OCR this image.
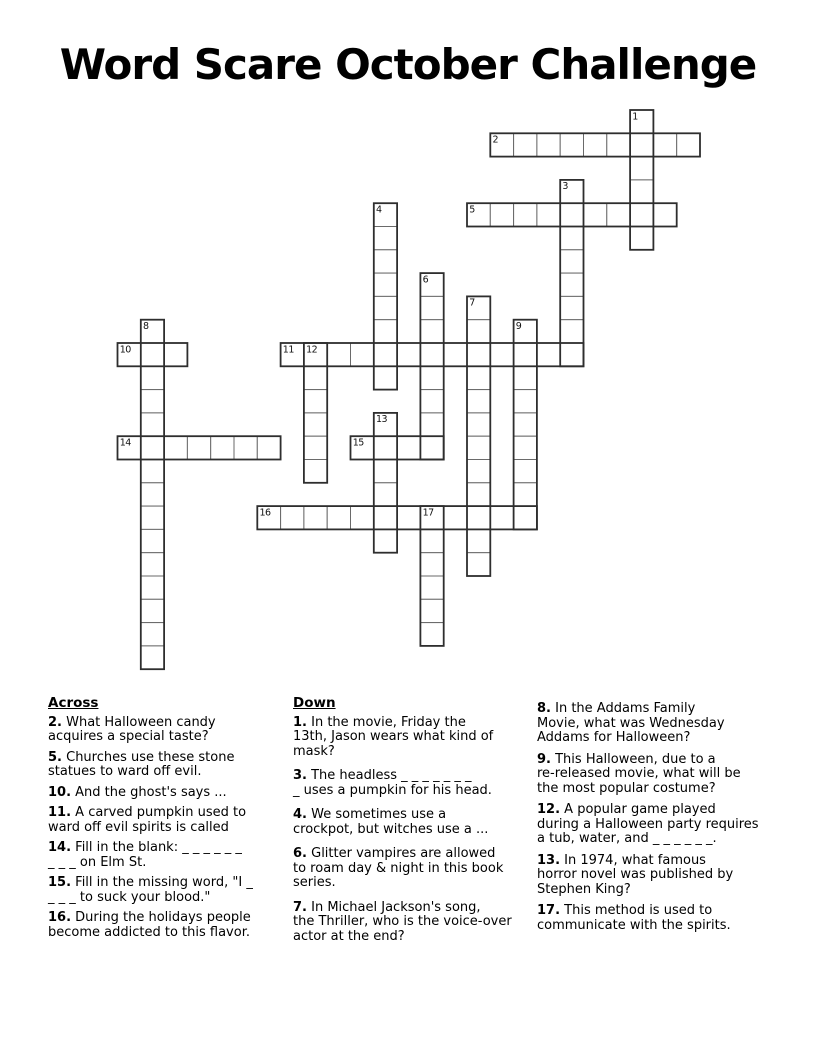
Word Scare October Challenge
1
2
3
4	5
6
7
8	9
10	11 12
13
14	15
16	17
Across
2. What Halloween candy
acquires a special taste?
5. Churches use these stone
statues to ward off evil.
10. And the ghost's says ...
11. A carved pumpkin used to
ward off evil spirits is called
14. Fill in the blank: _ _ _ _ _ _
_ _ _ on Elm St.
15. Fill in the missing word, "I _
_ _ _ to suck your blood."
16. During the holidays people
become addicted to this flavor.
Down
1. In the movie, Friday the
13th, Jason wears what kind of
mask?
3. The headless _ _ _ _ _ _ _
_ uses a pumpkin for his head.
4. We sometimes use a
crockpot, but witches use a ...
6. Glitter vampires are allowed
to roam day & night in this book
series.
7. In Michael Jackson's song,
the Thriller, who is the voice-over
actor at the end?
8. In the Addams Family
Movie, what was Wednesday
Addams for Halloween?
9. This Halloween, due to a
re-released movie, what will be
the most popular costume?
12. A popular game played
during a Halloween party requires
a tub, water, and _ _ _ _ _ _.
13. In 1974, what famous
horror novel was published by
Stephen King?
17. This method is used to
communicate with the spirits.
